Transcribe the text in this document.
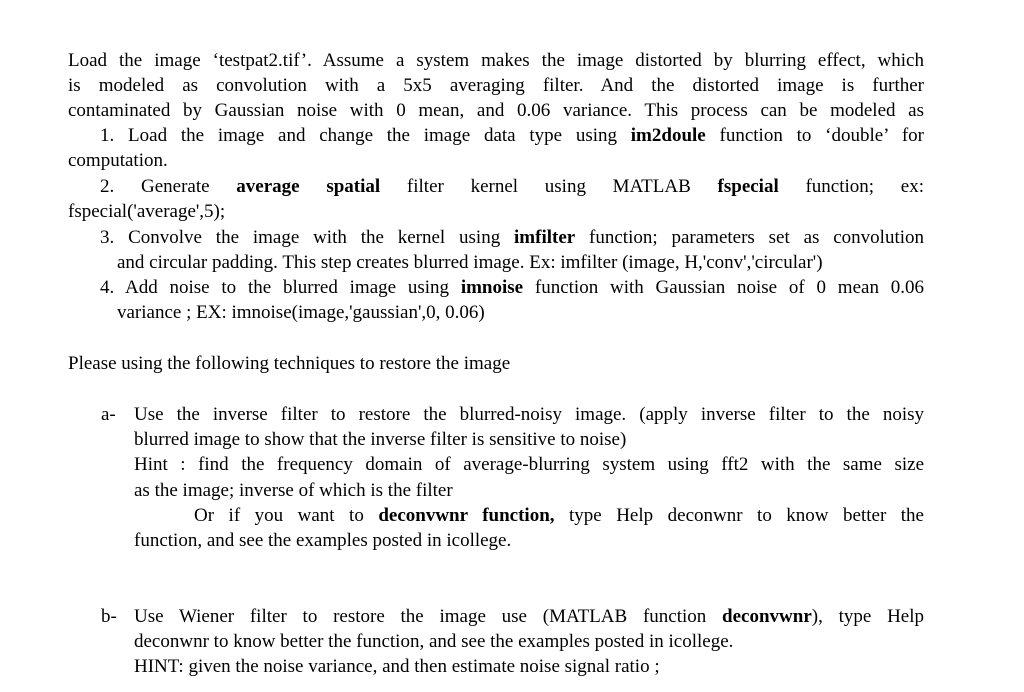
Load the image ‘testpat2.tif’. Assume a system makes the image distorted by blurring effect, which
is modeled as convolution with a 5x5 averaging filter. And the distorted image is further
contaminated by Gaussian noise with 0 mean, and 0.06 variance. This process can be modeled as
1. Load the image and change the image data type using im2doule function to ‘double’ for
computation.
2. Generate average spatial filter kernel using MATLAB fspecial function; ex:
fspecial('average',5);
3. Convolve the image with the kernel using imfilter function; parameters set as convolution
and circular padding. This step creates blurred image. Ex: imfilter (image, H,'conv','circular')
4. Add noise to the blurred image using imnoise function with Gaussian noise of 0 mean 0.06
variance ; EX: imnoise(image,'gaussian',0, 0.06)
Please using the following techniques to restore the image
a- Use the inverse filter to restore the blurred-noisy image. (apply inverse filter to the noisy
blurred image to show that the inverse filter is sensitive to noise)
Hint : find the frequency domain of average-blurring system using fft2 with the same size
as the image; inverse of which is the filter
Or if you want to deconvwnr function, type Help deconwnr to know better the
function, and see the examples posted in icollege.
b- Use Wiener filter to restore the image use (MATLAB function deconvwnr), type Help
deconwnr to know better the function, and see the examples posted in icollege.
HINT: given the noise variance, and then estimate noise signal ratio ;
